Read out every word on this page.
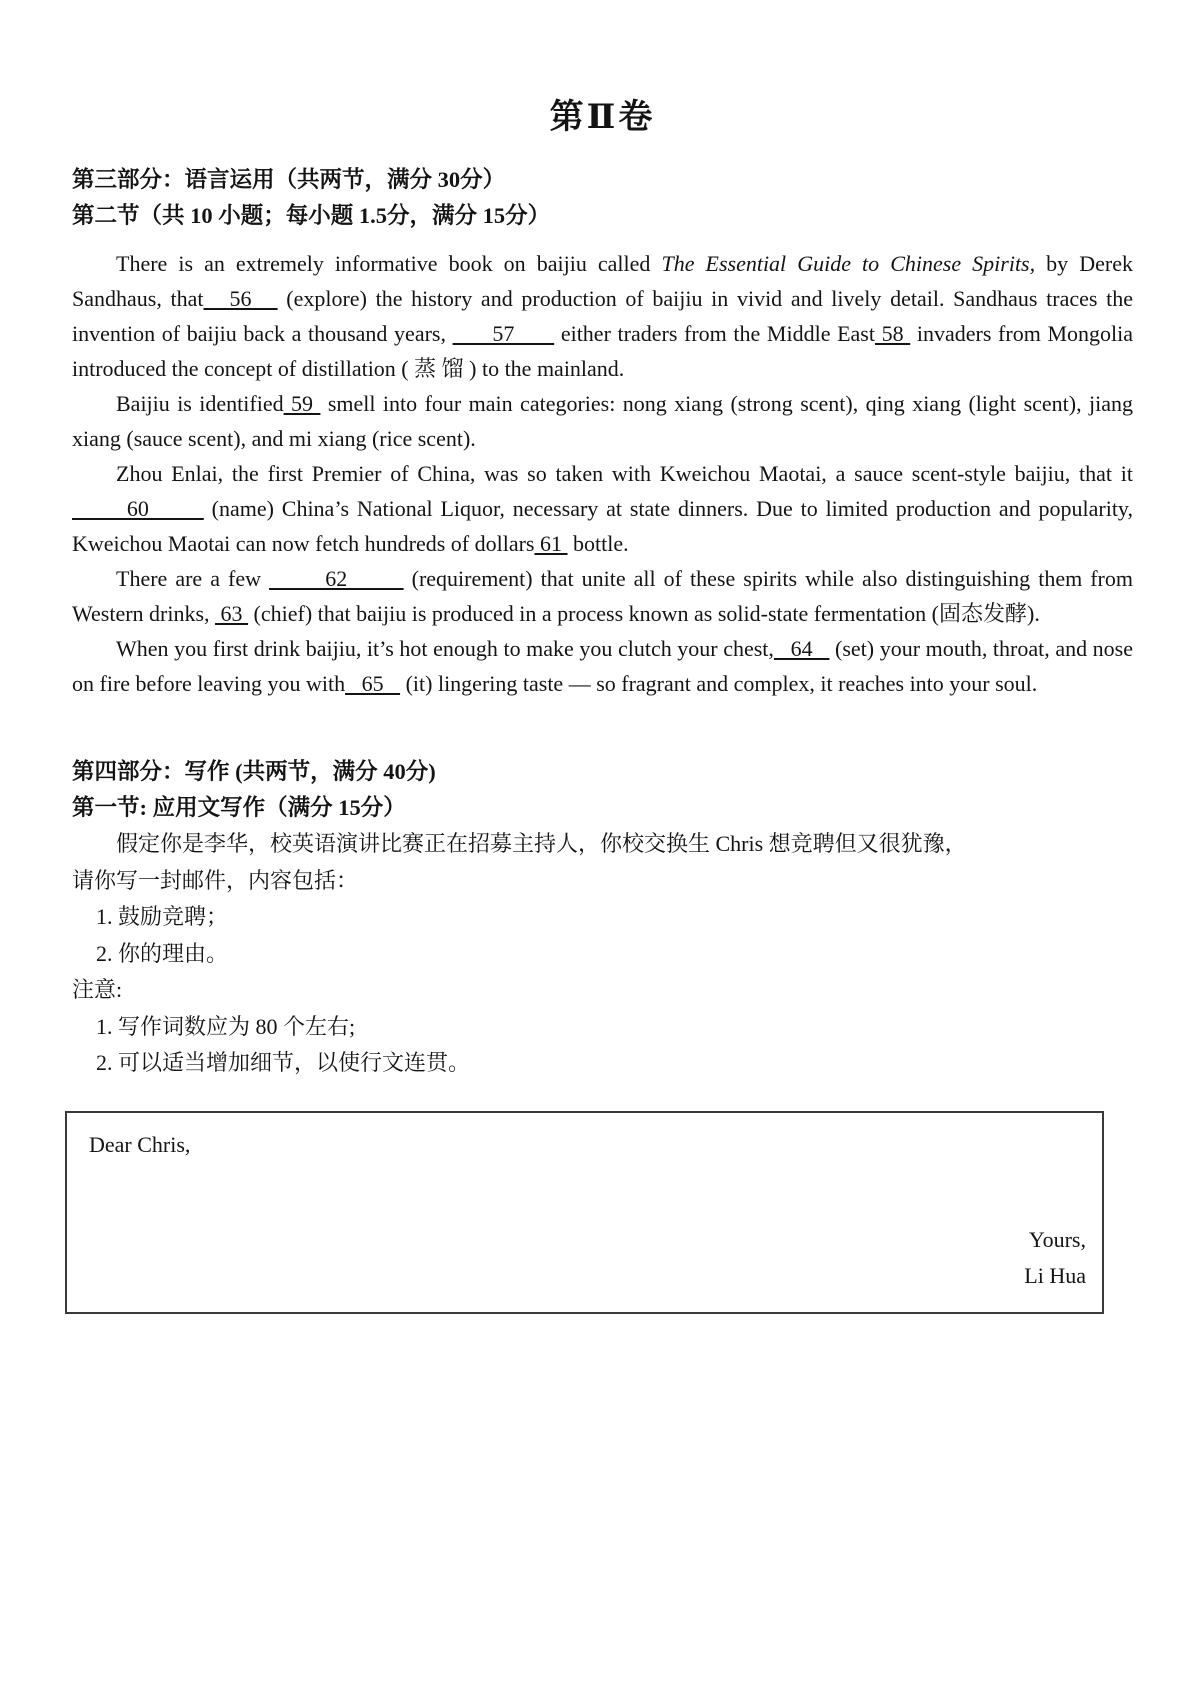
第Ⅱ卷
第三部分：语言运用（共两节，满分 30分）
第二节（共 10 小题；每小题 1.5分，满分 15分）

There is an extremely informative book on baijiu called The Essential Guide to Chinese Spirits, by Derek Sandhaus, that   56    (explore) the history and production of baijiu in vivid and lively detail. Sandhaus traces the invention of baijiu back a thousand years,       57       either traders from the Middle East 58  invaders from Mongolia introduced the concept of distillation ( 蒸 馏 ) to the mainland.

Baijiu is identified 59  smell into four main categories: nong xiang (strong scent), qing xiang (light scent), jiang xiang (sauce scent), and mi xiang (rice scent).

Zhou Enlai, the first Premier of China, was so taken with Kweichou Maotai, a sauce scent-style baijiu, that it        60        (name) China’s National Liquor, necessary at state dinners. Due to limited production and popularity, Kweichou Maotai can now fetch hundreds of dollars 61  bottle.

There are a few        62        (requirement) that unite all of these spirits while also distinguishing them from Western drinks,  63  (chief) that baijiu is produced in a process known as solid-state fermentation (固态发酵).

When you first drink baijiu, it’s hot enough to make you clutch your chest,   64    (set) your mouth, throat, and nose on fire before leaving you with   65    (it) lingering taste — so fragrant and complex, it reaches into your soul.

第四部分：写作 (共两节，满分 40分)
第一节: 应用文写作（满分 15分）
假定你是李华，校英语演讲比赛正在招募主持人，你校交换生 Chris 想竞聘但又很犹豫，
请你写一封邮件，内容包括：
1. 鼓励竞聘；
2. 你的理由。
注意:
1. 写作词数应为 80 个左右;
2. 可以适当增加细节，以使行文连贯。
Dear Chris,
Yours,
Li Hua
